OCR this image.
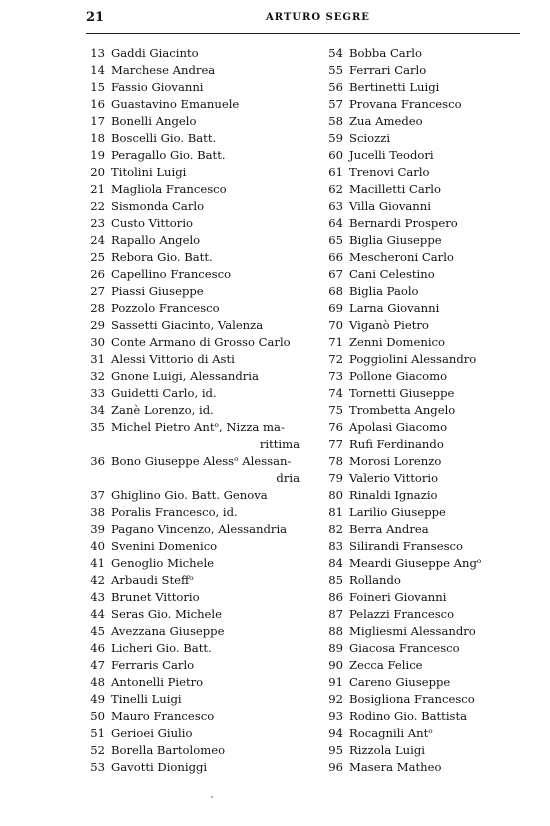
21	ARTURO SEGRE
13 Gaddi Giacinto
14 Marchese Andrea
15 Fassio Giovanni
16 Guastavino Emanuele
17 Bonelli Angelo
18 Boscelli Gio. Batt.
19 Peragallo Gio. Batt.
20 Titolini Luigi
21 Magliola Francesco
22 Sismonda Carlo
23 Custo Vittorio
24 Rapallo Angelo
25 Rebora Gio. Batt.
26 Capellino Francesco
27 Piassi Giuseppe
28 Pozzolo Francesco
29 Sassetti Giacinto, Valenza
30 Conte Armano di Grosso Carlo
31 Alessi Vittorio di Asti
32 Gnone Luigi, Alessandria
33 Guidetti Carlo, id.
34 Zanè Lorenzo, id.
35 Michel Pietro Antᵒ, Nizza ma-
rittima
36 Bono Giuseppe Alessᵒ Alessan-
dria
37 Ghiglino Gio. Batt. Genova
38 Poralis Francesco, id.
39 Pagano Vincenzo, Alessandria
40 Svenini Domenico
41 Genoglio Michele
42 Arbaudi Steffᵒ
43 Brunet Vittorio
44 Seras Gio. Michele
45 Avezzana Giuseppe
46 Licheri Gio. Batt.
47 Ferraris Carlo
48 Antonelli Pietro
49 Tinelli Luigi
50 Mauro Francesco
51 Gerioei Giulio
52 Borella Bartolomeo
53 Gavotti Dioniggi
54 Bobba Carlo
55 Ferrari Carlo
56 Bertinetti Luigi
57 Provana Francesco
58 Zua Amedeo
59 Sciozzi
60 Jucelli Teodori
61 Trenovi Carlo
62 Macilletti Carlo
63 Villa Giovanni
64 Bernardi Prospero
65 Biglia Giuseppe
66 Mescheroni Carlo
67 Cani Celestino
68 Biglia Paolo
69 Larna Giovanni
70 Viganò Pietro
71 Zenni Domenico
72 Poggiolini Alessandro
73 Pollone Giacomo
74 Tornetti Giuseppe
75 Trombetta Angelo
76 Apolasi Giacomo
77 Rufi Ferdinando
78 Morosi Lorenzo
79 Valerio Vittorio
80 Rinaldi Ignazio
81 Larilio Giuseppe
82 Berra Andrea
83 Silirandi Fransesco
84 Meardi Giuseppe Angᵒ
85 Rollando
86 Foineri Giovanni
87 Pelazzi Francesco
88 Migliesmi Alessandro
89 Giacosa Francesco
90 Zecca Felice
91 Careno Giuseppe
92 Bosigliona Francesco
93 Rodino Gio. Battista
94 Rocagnili Antᵒ
95 Rizzola Luigi
96 Masera Matheo
